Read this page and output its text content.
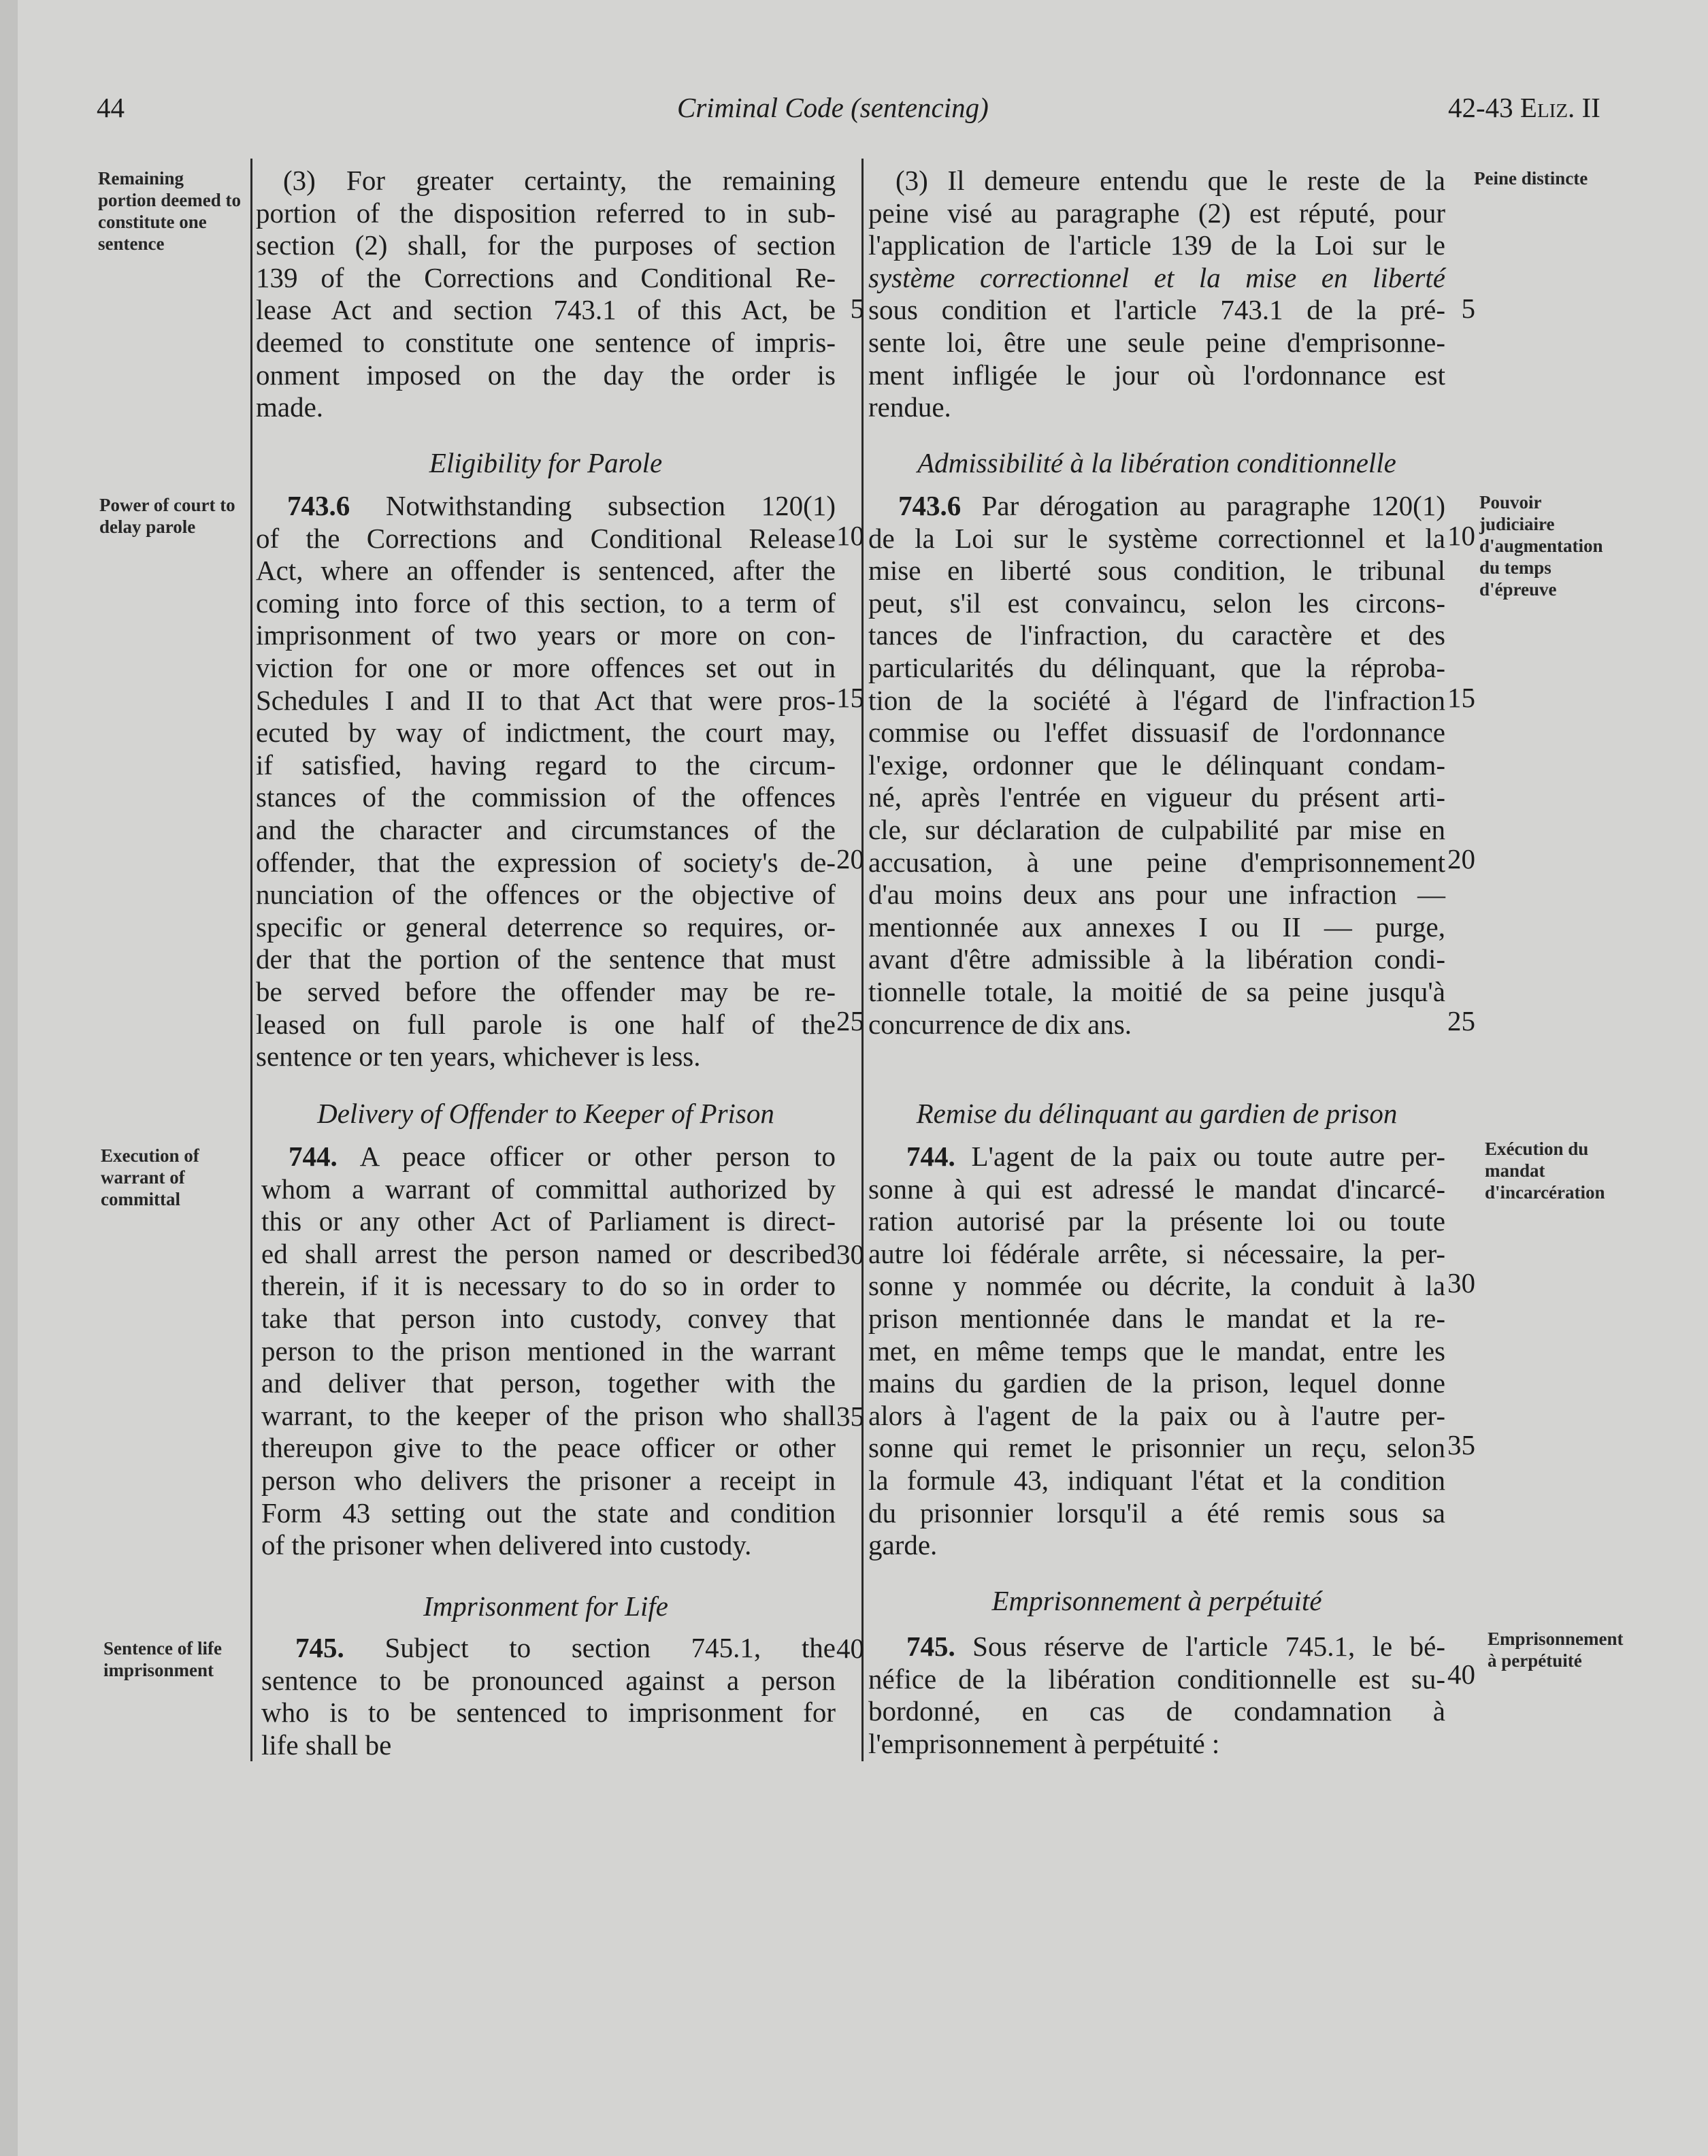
44	Criminal Code (sentencing)	42-43 Eliz. II
Remaining portion deemed to constitute one sentence
Power of court to delay parole
Execution of warrant of committal
Sentence of life imprisonment
Peine distincte
Pouvoir judiciaire d'augmentation du temps d'épreuve
Exécution du mandat d'incarcération
Emprisonnement à perpétuité
(3) For greater certainty, the remaining
portion of the disposition referred to in sub-
section (2) shall, for the purposes of section
139 of the Corrections and Conditional Re-
lease Act and section 743.1 of this Act, be
deemed to constitute one sentence of impris-
onment imposed on the day the order is
made.
Eligibility for Parole
743.6 Notwithstanding subsection 120(1)
of the Corrections and Conditional Release
Act, where an offender is sentenced, after the
coming into force of this section, to a term of
imprisonment of two years or more on con-
viction for one or more offences set out in
Schedules I and II to that Act that were pros-
ecuted by way of indictment, the court may,
if satisfied, having regard to the circum-
stances of the commission of the offences
and the character and circumstances of the
offender, that the expression of society's de-
nunciation of the offences or the objective of
specific or general deterrence so requires, or-
der that the portion of the sentence that must
be served before the offender may be re-
leased on full parole is one half of the
sentence or ten years, whichever is less.
Delivery of Offender to Keeper of Prison
744. A peace officer or other person to
whom a warrant of committal authorized by
this or any other Act of Parliament is direct-
ed shall arrest the person named or described
therein, if it is necessary to do so in order to
take that person into custody, convey that
person to the prison mentioned in the warrant
and deliver that person, together with the
warrant, to the keeper of the prison who shall
thereupon give to the peace officer or other
person who delivers the prisoner a receipt in
Form 43 setting out the state and condition
of the prisoner when delivered into custody.
Imprisonment for Life
745. Subject to section 745.1, the
sentence to be pronounced against a person
who is to be sentenced to imprisonment for
life shall be
(3) Il demeure entendu que le reste de la
peine visé au paragraphe (2) est réputé, pour
l'application de l'article 139 de la Loi sur le
système correctionnel et la mise en liberté
sous condition et l'article 743.1 de la pré-
sente loi, être une seule peine d'emprisonne-
ment infligée le jour où l'ordonnance est
rendue.
Admissibilité à la libération conditionnelle
743.6 Par dérogation au paragraphe 120(1)
de la Loi sur le système correctionnel et la
mise en liberté sous condition, le tribunal
peut, s'il est convaincu, selon les circons-
tances de l'infraction, du caractère et des
particularités du délinquant, que la réproba-
tion de la société à l'égard de l'infraction
commise ou l'effet dissuasif de l'ordonnance
l'exige, ordonner que le délinquant condam-
né, après l'entrée en vigueur du présent arti-
cle, sur déclaration de culpabilité par mise en
accusation, à une peine d'emprisonnement
d'au moins deux ans pour une infraction —
mentionnée aux annexes I ou II — purge,
avant d'être admissible à la libération condi-
tionnelle totale, la moitié de sa peine jusqu'à
concurrence de dix ans.
Remise du délinquant au gardien de prison
744. L'agent de la paix ou toute autre per-
sonne à qui est adressé le mandat d'incarcé-
ration autorisé par la présente loi ou toute
autre loi fédérale arrête, si nécessaire, la per-
sonne y nommée ou décrite, la conduit à la
prison mentionnée dans le mandat et la re-
met, en même temps que le mandat, entre les
mains du gardien de la prison, lequel donne
alors à l'agent de la paix ou à l'autre per-
sonne qui remet le prisonnier un reçu, selon
la formule 43, indiquant l'état et la condition
du prisonnier lorsqu'il a été remis sous sa
garde.
Emprisonnement à perpétuité
745. Sous réserve de l'article 745.1, le bé-
néfice de la libération conditionnelle est su-
bordonné, en cas de condamnation à
l'emprisonnement à perpétuité :
5
10
15
20
25
30
35
40
5
10
15
20
25
30
35
40
